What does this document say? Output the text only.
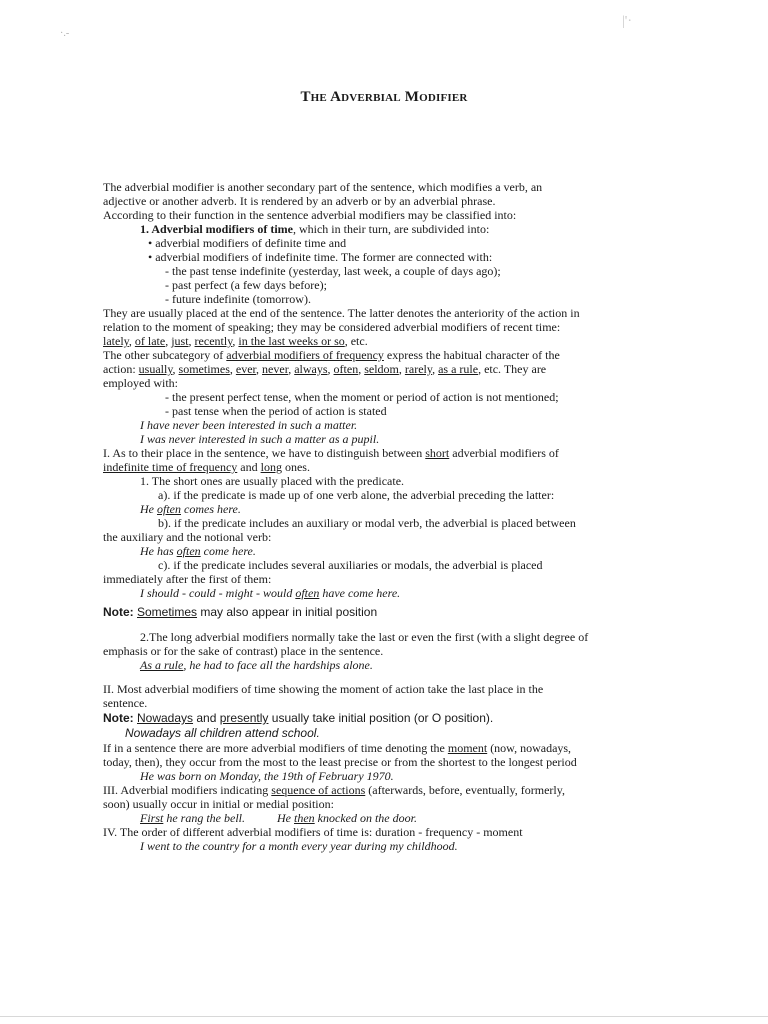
·.-
|'·
The Adverbial Modifier
The adverbial modifier is another secondary part of the sentence, which modifies a verb, an
adjective or another adverb. It is rendered by an adverb or by an adverbial phrase.
According to their function in the sentence adverbial modifiers may be classified into:
1. Adverbial modifiers of time, which in their turn, are subdivided into:
• adverbial modifiers of definite time and
• adverbial modifiers of indefinite time. The former are connected with:
- the past tense indefinite (yesterday, last week, a couple of days ago);
- past perfect (a few days before);
- future indefinite (tomorrow).
They are usually placed at the end of the sentence. The latter denotes the anteriority of the action in
relation to the moment of speaking; they may be considered adverbial modifiers of recent time:
lately, of late, just, recently, in the last weeks or so, etc.
The other subcategory of adverbial modifiers of frequency express the habitual character of the
action: usually, sometimes, ever, never, always, often, seldom, rarely, as a rule, etc. They are
employed with:
- the present perfect tense, when the moment or period of action is not mentioned;
- past tense when the period of action is stated
I have never been interested in such a matter.
I was never interested in such a matter as a pupil.
I. As to their place in the sentence, we have to distinguish between short adverbial modifiers of
indefinite time of frequency and long ones.
1. The short ones are usually placed with the predicate.
a). if the predicate is made up of one verb alone, the adverbial preceding the latter:
He often comes here.
b). if the predicate includes an auxiliary or modal verb, the adverbial is placed between
the auxiliary and the notional verb:
He has often come here.
c). if the predicate includes several auxiliaries or modals, the adverbial is placed
immediately after the first of them:
I should - could - might - would often have come here.
Note: Sometimes may also appear in initial position
2.The long adverbial modifiers normally take the last or even the first (with a slight degree of
emphasis or for the sake of contrast) place in the sentence.
As a rule, he had to face all the hardships alone.
II. Most adverbial modifiers of time showing the moment of action take the last place in the
sentence.
Note: Nowadays and presently usually take initial position (or O position).
Nowadays all children attend school.
If in a sentence there are more adverbial modifiers of time denoting the moment (now, nowadays,
today, then), they occur from the most to the least precise or from the shortest to the longest period
He was born on Monday, the 19th of February 1970.
III. Adverbial modifiers indicating sequence of actions (afterwards, before, eventually, formerly,
soon) usually occur in initial or medial position:
First he rang the bell.	He then knocked on the door.
IV. The order of different adverbial modifiers of time is: duration - frequency - moment
I went to the country for a month every year during my childhood.
